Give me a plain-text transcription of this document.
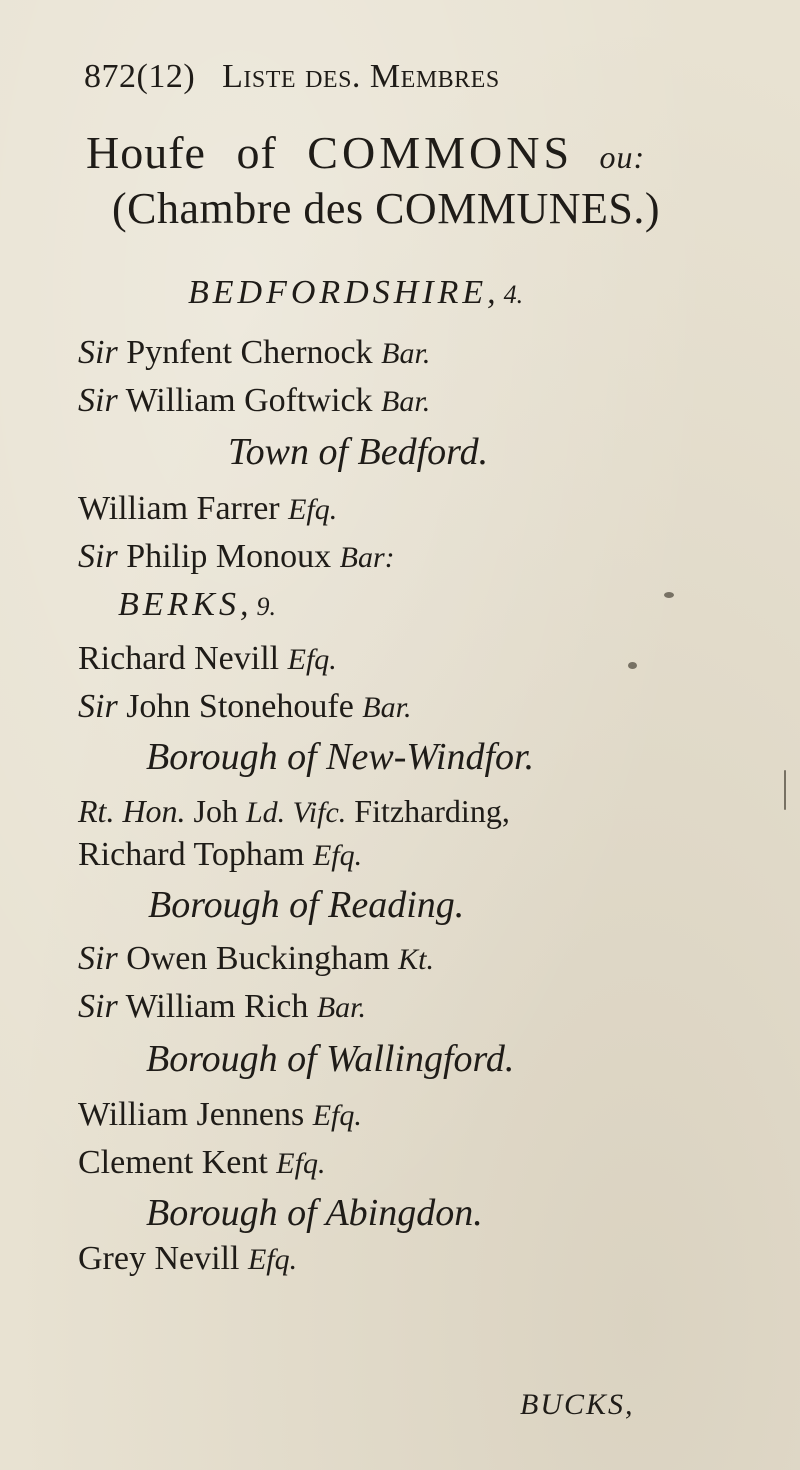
872(12) Liste des. Membres
Houfe of COMMONS ou:
(Chambre des COMMUNES.)
BEDFORDSHIRE, 4.
Sir Pynfent Chernock Bar.
Sir William Goftwick Bar.
Town of Bedford.
William Farrer Efq.
Sir Philip Monoux Bar:
BERKS, 9.
Richard Nevill Efq.
Sir John Stonehoufe Bar.
Borough of New-Windfor.
Rt. Hon. Joh Ld. Vifc. Fitzharding,
Richard Topham Efq.
Borough of Reading.
Sir Owen Buckingham Kt.
Sir William Rich Bar.
Borough of Wallingford.
William Jennens Efq.
Clement Kent Efq.
Borough of Abingdon.
Grey Nevill Efq.
BUCKS,
